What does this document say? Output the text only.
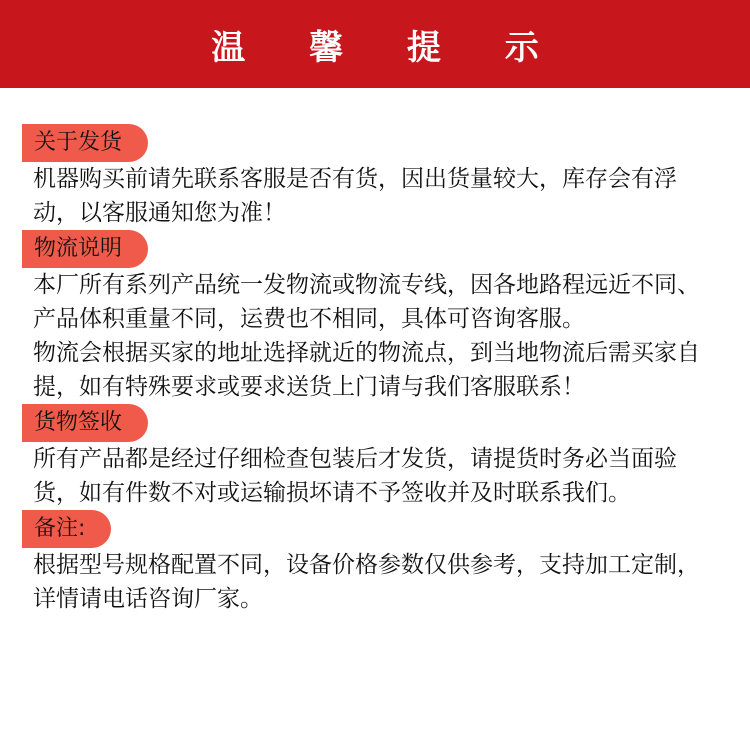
温 馨 提 示
关于发货

机器购买前请先联系客服是否有货，因出货量较大，库存会有浮动，以客服通知您为准！

物流说明

本厂所有系列产品统一发物流或物流专线，因各地路程远近不同、产品体积重量不同，运费也不相同，具体可咨询客服。

物流会根据买家的地址选择就近的物流点，到当地物流后需买家自提，如有特殊要求或要求送货上门请与我们客服联系！

货物签收

所有产品都是经过仔细检查包装后才发货，请提货时务必当面验货，如有件数不对或运输损坏请不予签收并及时联系我们。

备注:

根据型号规格配置不同，设备价格参数仅供参考，支持加工定制，详情请电话咨询厂家。
